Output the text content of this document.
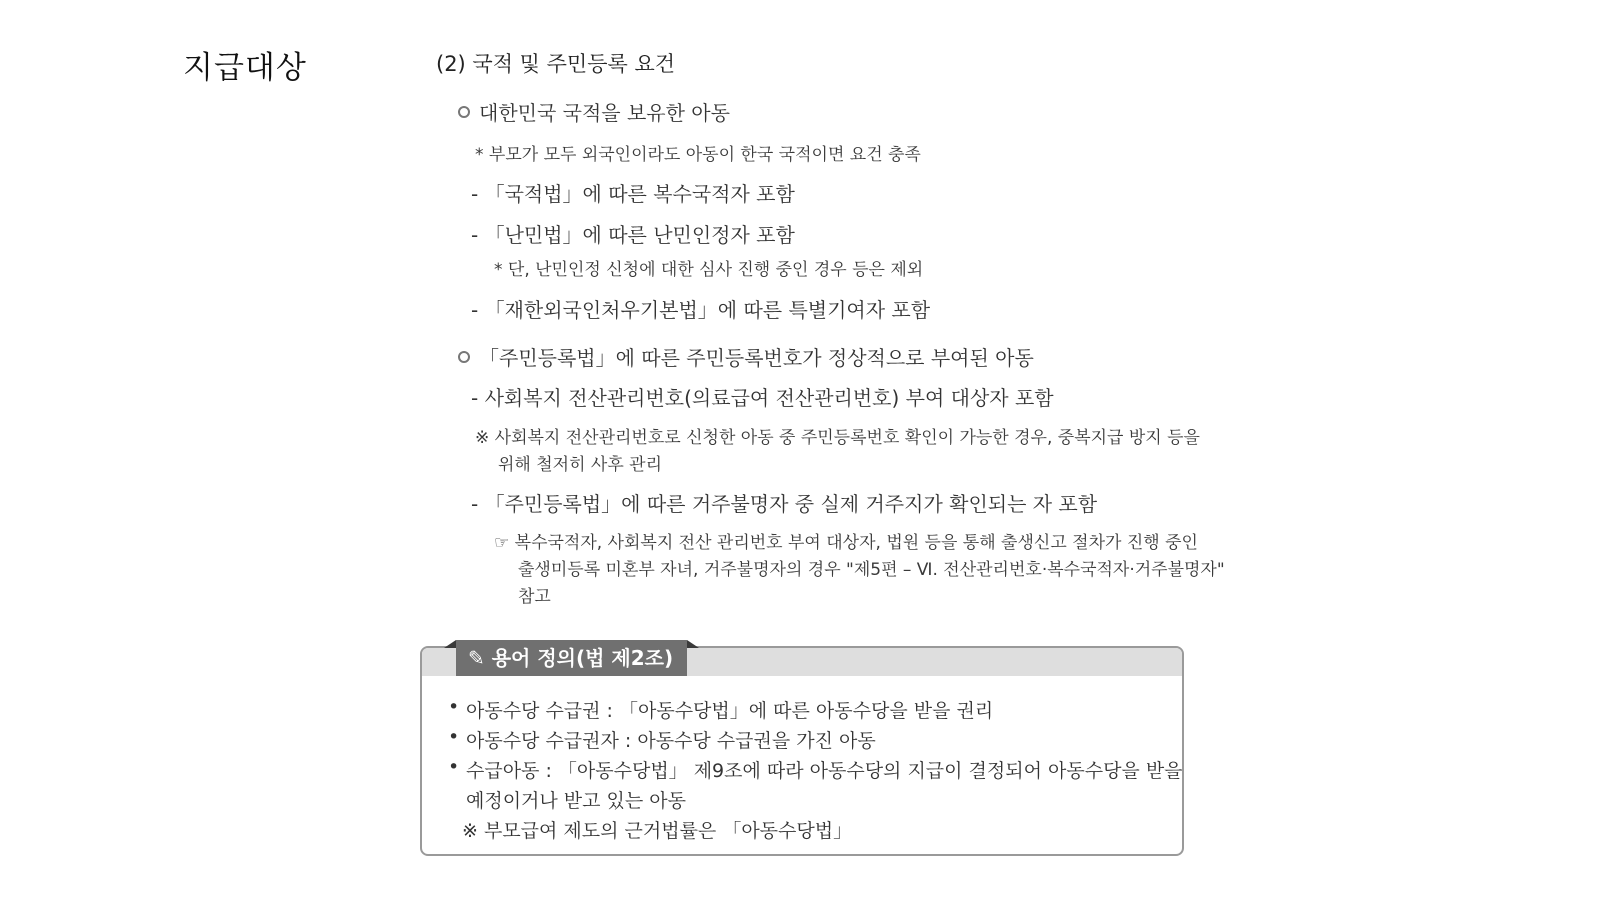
지급대상	(2) 국적 및 주민등록 요건
대한민국 국적을 보유한 아동
* 부모가 모두 외국인이라도 아동이 한국 국적이면 요건 충족
- 「국적법」에 따른 복수국적자 포함
- 「난민법」에 따른 난민인정자 포함
* 단, 난민인정 신청에 대한 심사 진행 중인 경우 등은 제외
- 「재한외국인처우기본법」에 따른 특별기여자 포함
「주민등록법」에 따른 주민등록번호가 정상적으로 부여된 아동
- 사회복지 전산관리번호(의료급여 전산관리번호) 부여 대상자 포함
※ 사회복지 전산관리번호로 신청한 아동 중 주민등록번호 확인이 가능한 경우, 중복지급 방지 등을
위해 철저히 사후 관리
- 「주민등록법」에 따른 거주불명자 중 실제 거주지가 확인되는 자 포함
☞ 복수국적자, 사회복지 전산 관리번호 부여 대상자, 법원 등을 통해 출생신고 절차가 진행 중인
출생미등록 미혼부 자녀, 거주불명자의 경우 "제5편 – Ⅵ. 전산관리번호·복수국적자·거주불명자"
참고
✎ 용어 정의(법 제2조)
• 아동수당 수급권 : 「아동수당법」에 따른 아동수당을 받을 권리
• 아동수당 수급권자 : 아동수당 수급권을 가진 아동
• 수급아동 : 「아동수당법」 제9조에 따라 아동수당의 지급이 결정되어 아동수당을 받을
예정이거나 받고 있는 아동
※ 부모급여 제도의 근거법률은 「아동수당법」
